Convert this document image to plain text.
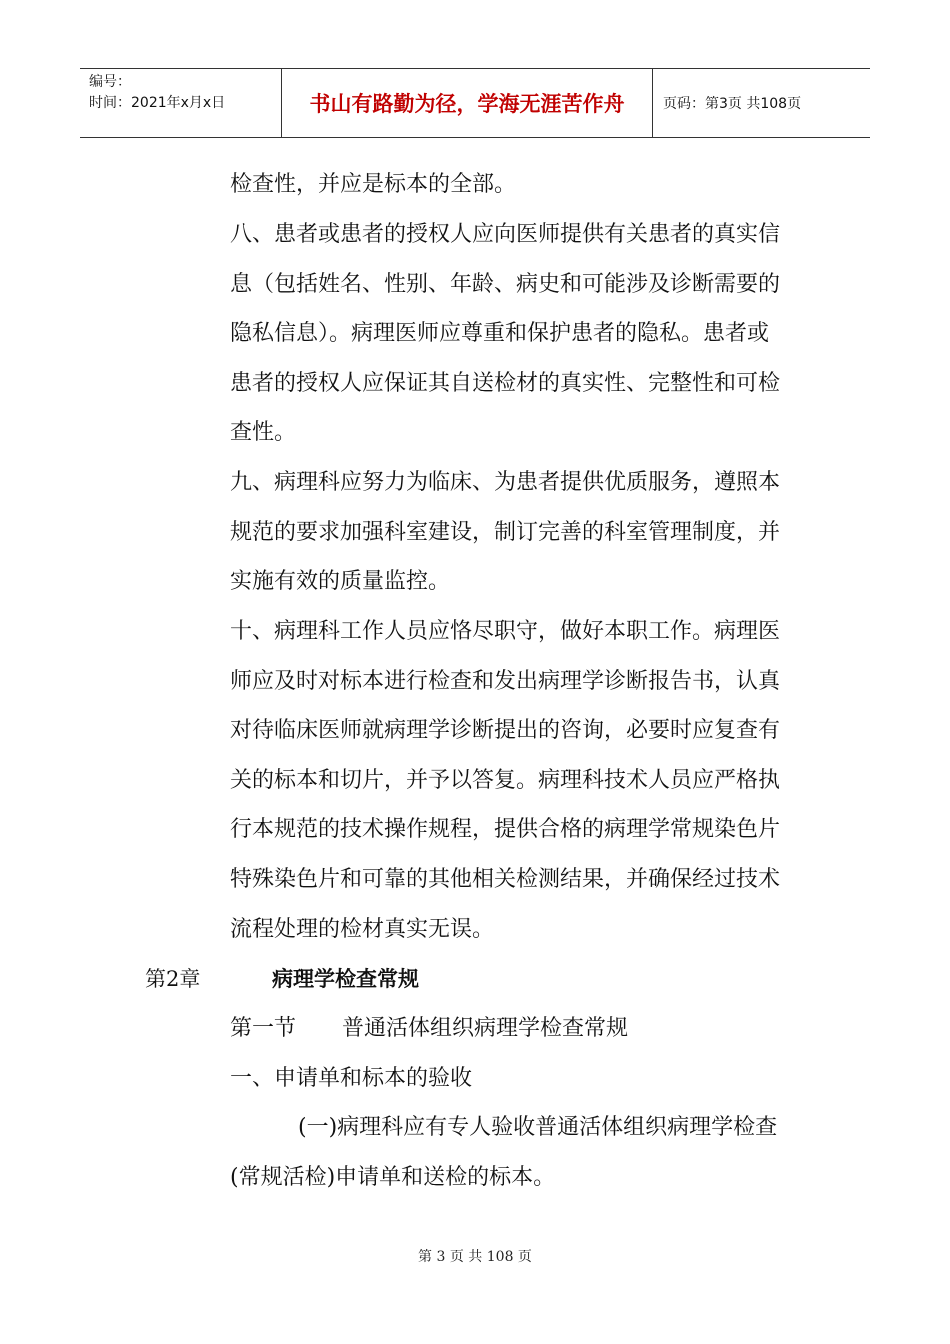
编号：
时间：2021年x月x日	书山有路勤为径，学海无涯苦作舟	页码：第3页 共108页
检查性，并应是标本的全部。
八、患者或患者的授权人应向医师提供有关患者的真实信
息（包括姓名、性别、年龄、病史和可能涉及诊断需要的
隐私信息）。病理医师应尊重和保护患者的隐私。患者或
患者的授权人应保证其自送检材的真实性、完整性和可检
查性。
九、病理科应努力为临床、为患者提供优质服务，遵照本
规范的要求加强科室建设，制订完善的科室管理制度，并
实施有效的质量监控。
十、病理科工作人员应恪尽职守，做好本职工作。病理医
师应及时对标本进行检查和发出病理学诊断报告书，认真
对待临床医师就病理学诊断提出的咨询，必要时应复查有
关的标本和切片，并予以答复。病理科技术人员应严格执
行本规范的技术操作规程，提供合格的病理学常规染色片
特殊染色片和可靠的其他相关检测结果，并确保经过技术
流程处理的检材真实无误。
第2章	病理学检查常规
第一节 普通活体组织病理学检查常规
一、申请单和标本的验收
(一)病理科应有专人验收普通活体组织病理学检查
(常规活检)申请单和送检的标本。
第 3 页 共 108 页
